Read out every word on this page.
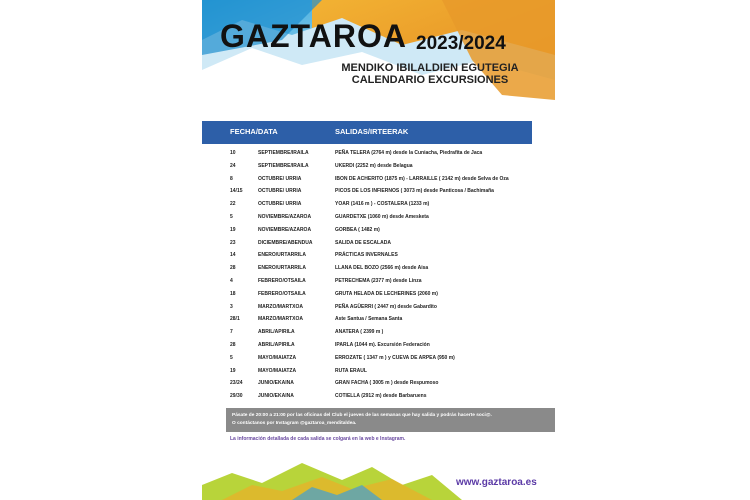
GAZTAROA 2023/2024
MENDIKO IBILALDIEN EGUTEGIA
CALENDARIO EXCURSIONES
FECHA/DATA	SALIDAS/IRTEERAK
10	SEPTIEMBRE/IRAILA	PEÑA TELERA (2764 m) desde la Cuniacha, Piedrafita de Jaca
24	SEPTIEMBRE/IRAILA	UKERDI (2252 m) desde Belagua
8	OCTUBRE/ URRIA	IBON DE ACHERITO (1875 m) - LARRAILLE ( 2142 m) desde Selva de Oza
14/15	OCTUBRE/ URRIA	PICOS DE LOS INFIERNOS ( 3073 m) desde Panticosa / Bachimaña
22	OCTUBRE/ URRIA	YOAR (1416 m ) - COSTALERA (1233 m)
5	NOVIEMBRE/AZAROA	GUARDETXE (1060 m) desde Amesketa
19	NOVIEMBRE/AZAROA	GORBEA ( 1482 m)
23	DICIEMBRE/ABENDUA	SALIDA DE ESCALADA
14	ENERO/URTARRILA	PRÁCTICAS INVERNALES
28	ENERO/URTARRILA	LLANA DEL BOZO (2566 m) desde Aisa
4	FEBRERO/OTSAILA	PETRECHEMA (2377 m) desde Linza
18	FEBRERO/OTSAILA	GRUTA HELADA DE LECHERINES (2060 m)
3	MARZO/MARTXOA	PEÑA AGÜERRI ( 2447 m) desde Gabardito
28/1	MARZO/MARTXOA	Aste Santua / Semana Santa
7	ABRIL/APIRILA	ANATERA ( 2399 m )
28	ABRIL/APIRILA	IPARLA (1044 m). Excursión Federación
5	MAYO/MAIATZA	ERROZATE ( 1347 m ) y CUEVA DE ARPEA (950 m)
19	MAYO/MAIATZA	RUTA ERAUL
23/24	JUNIO/EKAINA	GRAN FACHA ( 3005 m ) desde Respumoso
29/30	JUNIO/EKAINA	COTIELLA (2912 m) desde Barbaruens
Pásate de 20:00 a 21:00 por las oficinas del Club el jueves de las semanas que hay salida y podrás hacerte soci@.
O contáctanos por Instagram @gaztaroa_menditaldea.
La información detallada de cada salida se colgará en la web e Instagram.
www.gaztaroa.es
